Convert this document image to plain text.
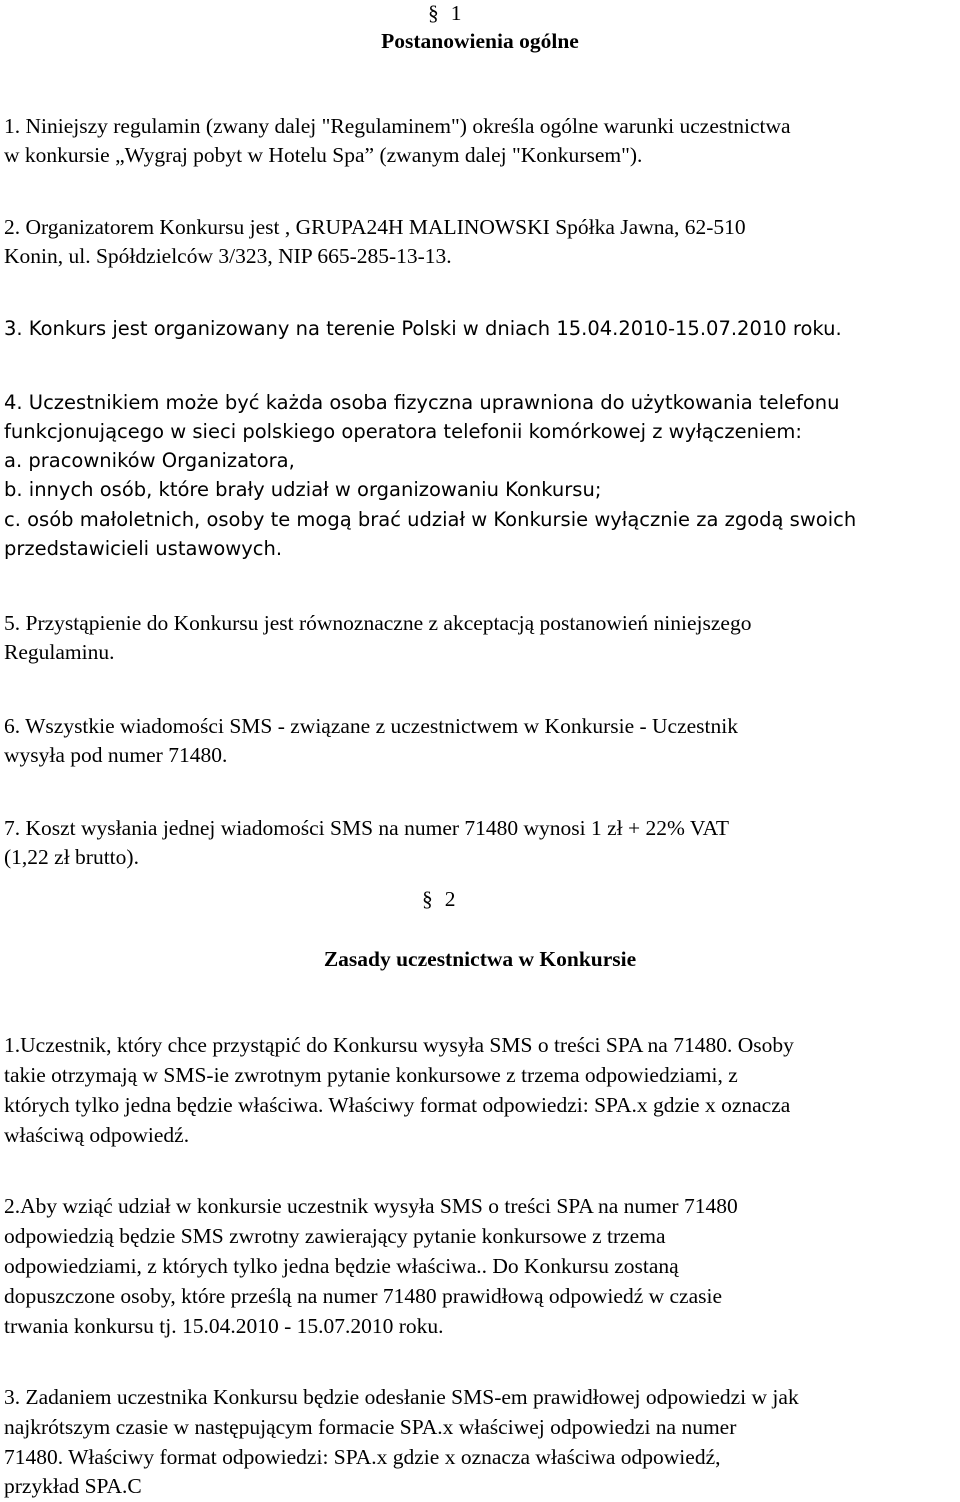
§ 1
Postanowienia ogólne

1. Niniejszy regulamin (zwany dalej "Regulaminem") określa ogólne warunki uczestnictwa

w konkursie „Wygraj pobyt w Hotelu Spa” (zwanym dalej "Konkursem").

2. Organizatorem Konkursu jest , GRUPA24H MALINOWSKI Spółka Jawna, 62-510

Konin, ul. Spółdzielców 3/323, NIP 665-285-13-13.

3. Konkurs jest organizowany na terenie Polski w dniach 15.04.2010-15.07.2010 roku.

4. Uczestnikiem może być każda osoba fizyczna uprawniona do użytkowania telefonu

funkcjonującego w sieci polskiego operatora telefonii komórkowej z wyłączeniem:

a. pracowników Organizatora,

b. innych osób, które brały udział w organizowaniu Konkursu;

c. osób małoletnich, osoby te mogą brać udział w Konkursie wyłącznie za zgodą swoich

przedstawicieli ustawowych.

5. Przystąpienie do Konkursu jest równoznaczne z akceptacją postanowień niniejszego

Regulaminu.

6. Wszystkie wiadomości SMS - związane z uczestnictwem w Konkursie - Uczestnik

wysyła pod numer 71480.

7. Koszt wysłania jednej wiadomości SMS na numer 71480 wynosi 1 zł + 22% VAT

(1,22 zł brutto).

§ 2
Zasady uczestnictwa w Konkursie

1.Uczestnik, który chce przystąpić do Konkursu wysyła SMS o treści SPA na 71480. Osoby

takie otrzymają w SMS-ie zwrotnym pytanie konkursowe z trzema odpowiedziami, z

których tylko jedna będzie właściwa. Właściwy format odpowiedzi: SPA.x gdzie x oznacza

właściwą odpowiedź.

2.Aby wziąć udział w konkursie uczestnik wysyła SMS o treści SPA na numer 71480

odpowiedzią będzie SMS zwrotny zawierający pytanie konkursowe z trzema

odpowiedziami, z których tylko jedna będzie właściwa.. Do Konkursu zostaną

dopuszczone osoby, które prześlą na numer 71480 prawidłową odpowiedź w czasie

trwania konkursu tj. 15.04.2010 - 15.07.2010 roku.

3. Zadaniem uczestnika Konkursu będzie odesłanie SMS-em prawidłowej odpowiedzi w jak

najkrótszym czasie w następującym formacie SPA.x właściwej odpowiedzi na numer

71480. Właściwy format odpowiedzi: SPA.x gdzie x oznacza właściwa odpowiedź,

przykład SPA.C
